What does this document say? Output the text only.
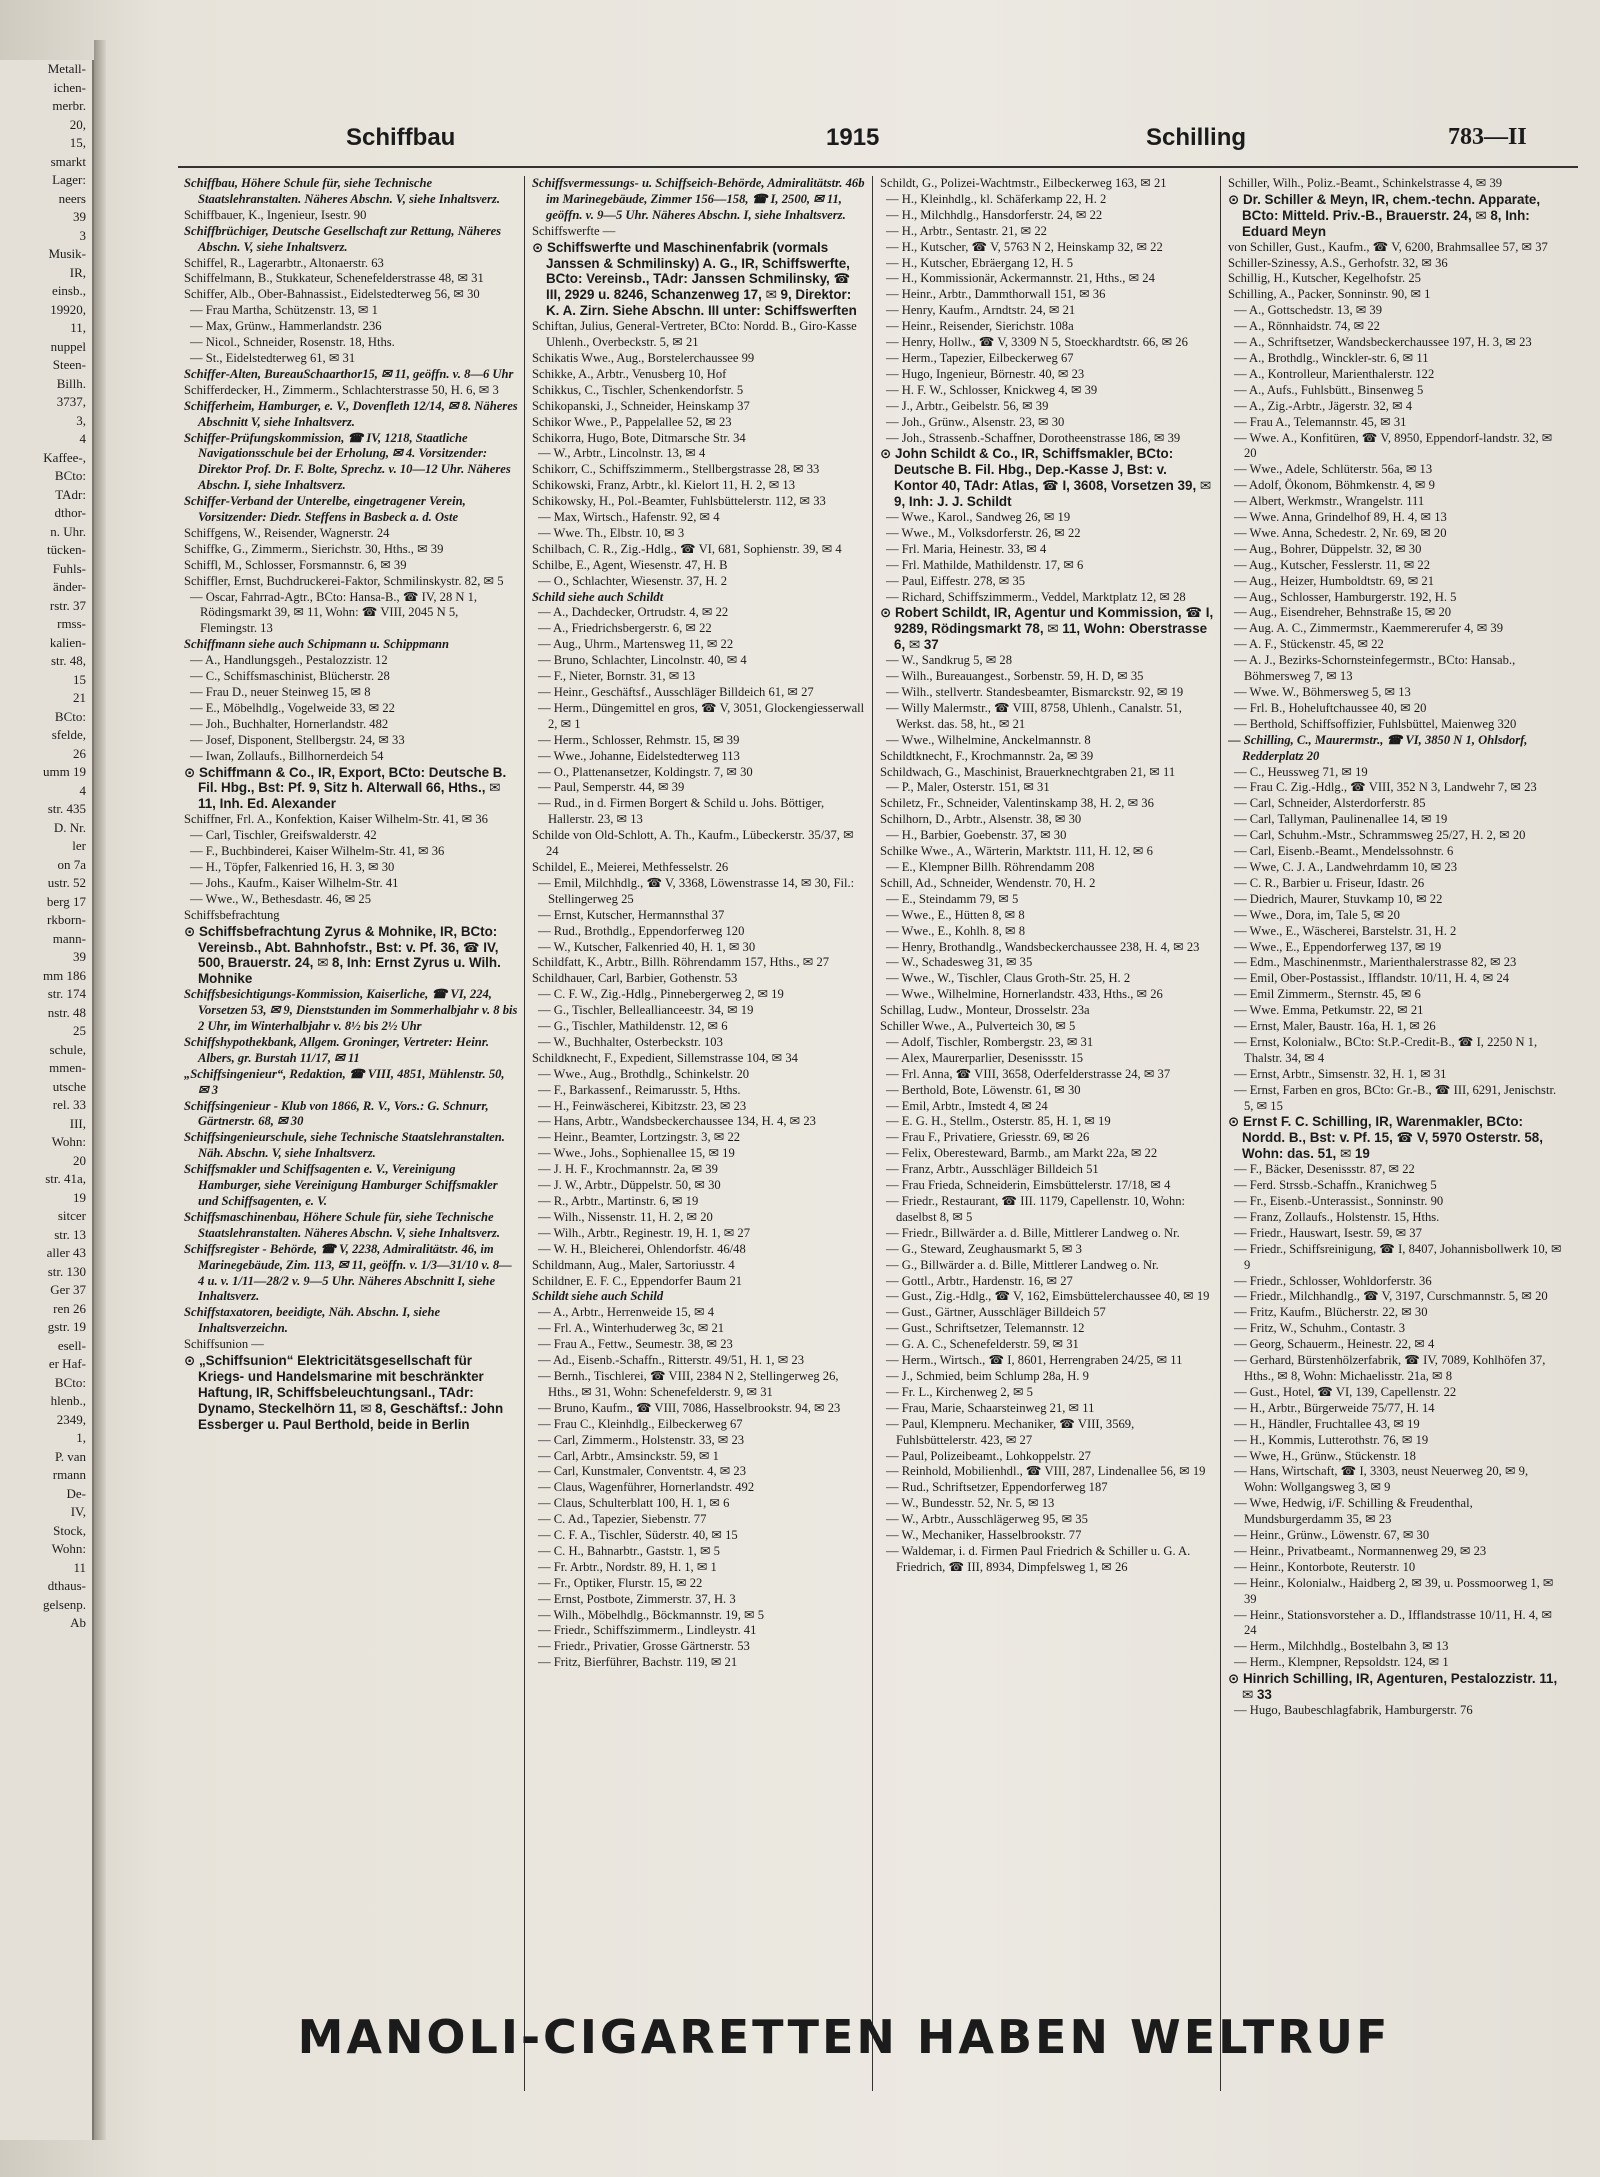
Metall-
ichen-
merbr.
20,
15,
smarkt
Lager:
neers
39
3
Musik-
IR,
einsb.,
19920,
11,
nuppel
Steen-
Billh.
3737,
3,
4
Kaffee-,
BCto:
TAdr:
dthor-
n. Uhr.
tücken-
Fuhls-
änder-
rstr. 37
rmss-
kalien-
str. 48,
15
21
BCto:
sfelde,
26
umm 19
4
str. 435
D. Nr.
ler
on 7a
ustr. 52
berg 17
rkborn-
mann-
39
mm 186
str. 174
nstr. 48
25
schule,
mmen-
utsche
rel. 33
III,
Wohn:
20
str. 41a,
19
sitcer
str. 13
aller 43
str. 130
Ger 37
ren 26
gstr. 19
esell-
er Haf-
BCto:
hlenb.,
2349,
1,
P. van
rmann
De-
IV,
Stock,
Wohn:
11
dthaus-
gelsenp.
Ab
Schiffbau	1915	Schilling	783—II

Schiffbau, Höhere Schule für, siehe Technische Staatslehranstalten. Näheres Abschn. V, siehe Inhaltsverz.

Schiffbauer, K., Ingenieur, Isestr. 90

Schiffbrüchiger, Deutsche Gesellschaft zur Rettung, Näheres Abschn. V, siehe Inhaltsverz.

Schiffel, R., Lagerarbtr., Altonaerstr. 63

Schiffelmann, B., Stukkateur, Schenefelderstrasse 48, ✉ 31

Schiffer, Alb., Ober-Bahnassist., Eidelstedterweg 56, ✉ 30

— Frau Martha, Schützenstr. 13, ✉ 1

— Max, Grünw., Hammerlandstr. 236

— Nicol., Schneider, Rosenstr. 18, Hths.

— St., Eidelstedterweg 61, ✉ 31

Schiffer-Alten, BureauSchaarthor15, ✉ 11, geöffn. v. 8—6 Uhr

Schifferdecker, H., Zimmerm., Schlachterstrasse 50, H. 6, ✉ 3

Schifferheim, Hamburger, e. V., Dovenfleth 12/14, ✉ 8. Näheres Abschnitt V, siehe Inhaltsverz.

Schiffer-Prüfungskommission, ☎ IV, 1218, Staatliche Navigationsschule bei der Erholung, ✉ 4. Vorsitzender: Direktor Prof. Dr. F. Bolte, Sprechz. v. 10—12 Uhr. Näheres Abschn. I, siehe Inhaltsverz.

Schiffer-Verband der Unterelbe, eingetragener Verein, Vorsitzender: Diedr. Steffens in Basbeck a. d. Oste

Schiffgens, W., Reisender, Wagnerstr. 24

Schiffke, G., Zimmerm., Sierichstr. 30, Hths., ✉ 39

Schiffl, M., Schlosser, Forsmannstr. 6, ✉ 39

Schiffler, Ernst, Buchdruckerei-Faktor, Schmilinskystr. 82, ✉ 5

— Oscar, Fahrrad-Agtr., BCto: Hansa-B., ☎ IV, 28 N 1, Rödingsmarkt 39, ✉ 11, Wohn: ☎ VIII, 2045 N 5, Flemingstr. 13

Schiffmann siehe auch Schipmann u. Schippmann

— A., Handlungsgeh., Pestalozzistr. 12

— C., Schiffsmaschinist, Blücherstr. 28

— Frau D., neuer Steinweg 15, ✉ 8

— E., Möbelhdlg., Vogelweide 33, ✉ 22

— Joh., Buchhalter, Hornerlandstr. 482

— Josef, Disponent, Stellbergstr. 24, ✉ 33

— Iwan, Zollaufs., Billhornerdeich 54

⊙ Schiffmann & Co., IR, Export, BCto: Deutsche B. Fil. Hbg., Bst: Pf. 9, Sitz h. Alterwall 66, Hths., ✉ 11, Inh. Ed. Alexander

Schiffner, Frl. A., Konfektion, Kaiser Wilhelm-Str. 41, ✉ 36

— Carl, Tischler, Greifswalderstr. 42

— F., Buchbinderei, Kaiser Wilhelm-Str. 41, ✉ 36

— H., Töpfer, Falkenried 16, H. 3, ✉ 30

— Johs., Kaufm., Kaiser Wilhelm-Str. 41

— Wwe., W., Bethesdastr. 46, ✉ 25

Schiffsbefrachtung

⊙ Schiffsbefrachtung Zyrus & Mohnike, IR, BCto: Vereinsb., Abt. Bahnhofstr., Bst: v. Pf. 36, ☎ IV, 500, Brauerstr. 24, ✉ 8, Inh: Ernst Zyrus u. Wilh. Mohnike

Schiffsbesichtigungs-Kommission, Kaiserliche, ☎ VI, 224, Vorsetzen 53, ✉ 9, Dienststunden im Sommerhalbjahr v. 8 bis 2 Uhr, im Winterhalbjahr v. 8½ bis 2½ Uhr

Schiffshypothekbank, Allgem. Groninger, Vertreter: Heinr. Albers, gr. Burstah 11/17, ✉ 11

„Schiffsingenieur“, Redaktion, ☎ VIII, 4851, Mühlenstr. 50, ✉ 3

Schiffsingenieur - Klub von 1866, R. V., Vors.: G. Schnurr, Gärtnerstr. 68, ✉ 30

Schiffsingenieurschule, siehe Technische Staatslehranstalten. Näh. Abschn. V, siehe Inhaltsverz.

Schiffsmakler und Schiffsagenten e. V., Vereinigung Hamburger, siehe Vereinigung Hamburger Schiffsmakler und Schiffsagenten, e. V.

Schiffsmaschinenbau, Höhere Schule für, siehe Technische Staatslehranstalten. Näheres Abschn. V, siehe Inhaltsverz.

Schiffsregister - Behörde, ☎ V, 2238, Admiralitätstr. 46, im Marinegebäude, Zim. 113, ✉ 11, geöffn. v. 1/3—31/10 v. 8—4 u. v. 1/11—28/2 v. 9—5 Uhr. Näheres Abschnitt I, siehe Inhaltsverz.

Schiffstaxatoren, beeidigte, Näh. Abschn. I, siehe Inhaltsverzeichn.

Schiffsunion —

⊙ „Schiffsunion“ Elektricitätsgesellschaft für Kriegs- und Handelsmarine mit beschränkter Haftung, IR, Schiffsbeleuchtungsanl., TAdr: Dynamo, Steckelhörn 11, ✉ 8, Geschäftsf.: John Essberger u. Paul Berthold, beide in Berlin

Schiffsvermessungs- u. Schiffseich-Behörde, Admiralitätstr. 46b im Marinegebäude, Zimmer 156—158, ☎ I, 2500, ✉ 11, geöffn. v. 9—5 Uhr. Näheres Abschn. I, siehe Inhaltsverz.

Schiffswerfte —

⊙ Schiffswerfte und Maschinenfabrik (vormals Janssen & Schmilinsky) A. G., IR, Schiffswerfte, BCto: Vereinsb., TAdr: Janssen Schmilinsky, ☎ III, 2929 u. 8246, Schanzenweg 17, ✉ 9, Direktor: K. A. Zirn. Siehe Abschn. III unter: Schiffswerften

Schiftan, Julius, General-Vertreter, BCto: Nordd. B., Giro-Kasse Uhlenh., Overbeckstr. 5, ✉ 21

Schikatis Wwe., Aug., Borstelerchaussee 99

Schikke, A., Arbtr., Venusberg 10, Hof

Schikkus, C., Tischler, Schenkendorfstr. 5

Schikopanski, J., Schneider, Heinskamp 37

Schikor Wwe., P., Pappelallee 52, ✉ 23

Schikorra, Hugo, Bote, Ditmarsche Str. 34

— W., Arbtr., Lincolnstr. 13, ✉ 4

Schikorr, C., Schiffszimmerm., Stellbergstrasse 28, ✉ 33

Schikowski, Franz, Arbtr., kl. Kielort 11, H. 2, ✉ 13

Schikowsky, H., Pol.-Beamter, Fuhlsbüttelerstr. 112, ✉ 33

— Max, Wirtsch., Hafenstr. 92, ✉ 4

— Wwe. Th., Elbstr. 10, ✉ 3

Schilbach, C. R., Zig.-Hdlg., ☎ VI, 681, Sophienstr. 39, ✉ 4

Schilbe, E., Agent, Wiesenstr. 47, H. B

— O., Schlachter, Wiesenstr. 37, H. 2

Schild siehe auch Schildt

— A., Dachdecker, Ortrudstr. 4, ✉ 22

— A., Friedrichsbergerstr. 6, ✉ 22

— Aug., Uhrm., Martensweg 11, ✉ 22

— Bruno, Schlachter, Lincolnstr. 40, ✉ 4

— F., Nieter, Bornstr. 31, ✉ 13

— Heinr., Geschäftsf., Ausschläger Billdeich 61, ✉ 27

— Herm., Düngemittel en gros, ☎ V, 3051, Glockengiesserwall 2, ✉ 1

— Herm., Schlosser, Rehmstr. 15, ✉ 39

— Wwe., Johanne, Eidelstedterweg 113

— O., Plattenansetzer, Koldingstr. 7, ✉ 30

— Paul, Semperstr. 44, ✉ 39

— Rud., in d. Firmen Borgert & Schild u. Johs. Böttiger, Hallerstr. 23, ✉ 13

Schilde von Old-Schlott, A. Th., Kaufm., Lübeckerstr. 35/37, ✉ 24

Schildel, E., Meierei, Methfesselstr. 26

— Emil, Milchhdlg., ☎ V, 3368, Löwenstrasse 14, ✉ 30, Fil.: Stellingerweg 25

— Ernst, Kutscher, Hermannsthal 37

— Rud., Brothdlg., Eppendorferweg 120

— W., Kutscher, Falkenried 40, H. 1, ✉ 30

Schildfatt, K., Arbtr., Billh. Röhrendamm 157, Hths., ✉ 27

Schildhauer, Carl, Barbier, Gothenstr. 53

— C. F. W., Zig.-Hdlg., Pinnebergerweg 2, ✉ 19

— G., Tischler, Belleallianceestr. 34, ✉ 19

— G., Tischler, Mathildenstr. 12, ✉ 6

— W., Buchhalter, Osterbeckstr. 103

Schildknecht, F., Expedient, Sillemstrasse 104, ✉ 34

— Wwe., Aug., Brothdlg., Schinkelstr. 20

— F., Barkassenf., Reimarusstr. 5, Hths.

— H., Feinwäscherei, Kibitzstr. 23, ✉ 23

— Hans, Arbtr., Wandsbeckerchaussee 134, H. 4, ✉ 23

— Heinr., Beamter, Lortzingstr. 3, ✉ 22

— Wwe., Johs., Sophienallee 15, ✉ 19

— J. H. F., Krochmannstr. 2a, ✉ 39

— J. W., Arbtr., Düppelstr. 50, ✉ 30

— R., Arbtr., Martinstr. 6, ✉ 19

— Wilh., Nissenstr. 11, H. 2, ✉ 20

— Wilh., Arbtr., Reginestr. 19, H. 1, ✉ 27

— W. H., Bleicherei, Ohlendorfstr. 46/48

Schildmann, Aug., Maler, Sartoriusstr. 4

Schildner, E. F. C., Eppendorfer Baum 21

Schildt siehe auch Schild

— A., Arbtr., Herrenweide 15, ✉ 4

— Frl. A., Winterhuderweg 3c, ✉ 21

— Frau A., Fettw., Seumestr. 38, ✉ 23

— Ad., Eisenb.-Schaffn., Ritterstr. 49/51, H. 1, ✉ 23

— Bernh., Tischlerei, ☎ VIII, 2384 N 2, Stellingerweg 26, Hths., ✉ 31, Wohn: Schenefelderstr. 9, ✉ 31

— Bruno, Kaufm., ☎ VIII, 7086, Hasselbrookstr. 94, ✉ 23

— Frau C., Kleinhdlg., Eilbeckerweg 67

— Carl, Zimmerm., Holstenstr. 33, ✉ 23

— Carl, Arbtr., Amsinckstr. 59, ✉ 1

— Carl, Kunstmaler, Conventstr. 4, ✉ 23

— Claus, Wagenführer, Hornerlandstr. 492

— Claus, Schulterblatt 100, H. 1, ✉ 6

— C. Ad., Tapezier, Siebenstr. 77

— C. F. A., Tischler, Süderstr. 40, ✉ 15

— C. H., Bahnarbtr., Gaststr. 1, ✉ 5

— Fr. Arbtr., Nordstr. 89, H. 1, ✉ 1

— Fr., Optiker, Flurstr. 15, ✉ 22

— Ernst, Postbote, Zimmerstr. 37, H. 3

— Wilh., Möbelhdlg., Böckmannstr. 19, ✉ 5

— Friedr., Schiffszimmerm., Lindleystr. 41

— Friedr., Privatier, Grosse Gärtnerstr. 53

— Fritz, Bierführer, Bachstr. 119, ✉ 21

Schildt, G., Polizei-Wachtmstr., Eilbeckerweg 163, ✉ 21

— H., Kleinhdlg., kl. Schäferkamp 22, H. 2

— H., Milchhdlg., Hansdorferstr. 24, ✉ 22

— H., Arbtr., Sentastr. 21, ✉ 22

— H., Kutscher, ☎ V, 5763 N 2, Heinskamp 32, ✉ 22

— H., Kutscher, Ebräergang 12, H. 5

— H., Kommissionär, Ackermannstr. 21, Hths., ✉ 24

— Heinr., Arbtr., Dammthorwall 151, ✉ 36

— Henry, Kaufm., Arndtstr. 24, ✉ 21

— Heinr., Reisender, Sierichstr. 108a

— Henry, Hollw., ☎ V, 3309 N 5, Stoeckhardtstr. 66, ✉ 26

— Herm., Tapezier, Eilbeckerweg 67

— Hugo, Ingenieur, Börnestr. 40, ✉ 23

— H. F. W., Schlosser, Knickweg 4, ✉ 39

— J., Arbtr., Geibelstr. 56, ✉ 39

— Joh., Grünw., Alsenstr. 23, ✉ 30

— Joh., Strassenb.-Schaffner, Dorotheenstrasse 186, ✉ 39

⊙ John Schildt & Co., IR, Schiffsmakler, BCto: Deutsche B. Fil. Hbg., Dep.-Kasse J, Bst: v. Kontor 40, TAdr: Atlas, ☎ I, 3608, Vorsetzen 39, ✉ 9, Inh: J. J. Schildt

— Wwe., Karol., Sandweg 26, ✉ 19

— Wwe., M., Volksdorferstr. 26, ✉ 22

— Frl. Maria, Heinestr. 33, ✉ 4

— Frl. Mathilde, Mathildenstr. 17, ✉ 6

— Paul, Eiffestr. 278, ✉ 35

— Richard, Schiffszimmerm., Veddel, Marktplatz 12, ✉ 28

⊙ Robert Schildt, IR, Agentur und Kommission, ☎ I, 9289, Rödingsmarkt 78, ✉ 11, Wohn: Oberstrasse 6, ✉ 37

— W., Sandkrug 5, ✉ 28

— Wilh., Bureauangest., Sorbenstr. 59, H. D, ✉ 35

— Wilh., stellvertr. Standesbeamter, Bismarckstr. 92, ✉ 19

— Willy Malermstr., ☎ VIII, 8758, Uhlenh., Canalstr. 51, Werkst. das. 58, ht., ✉ 21

— Wwe., Wilhelmine, Anckelmannstr. 8

Schildtknecht, F., Krochmannstr. 2a, ✉ 39

Schildwach, G., Maschinist, Brauerknechtgraben 21, ✉ 11

— P., Maler, Osterstr. 151, ✉ 31

Schiletz, Fr., Schneider, Valentinskamp 38, H. 2, ✉ 36

Schilhorn, D., Arbtr., Alsenstr. 38, ✉ 30

— H., Barbier, Goebenstr. 37, ✉ 30

Schilke Wwe., A., Wärterin, Marktstr. 111, H. 12, ✉ 6

— E., Klempner Billh. Röhrendamm 208

Schill, Ad., Schneider, Wendenstr. 70, H. 2

— E., Steindamm 79, ✉ 5

— Wwe., E., Hütten 8, ✉ 8

— Wwe., E., Kohlh. 8, ✉ 8

— Henry, Brothandlg., Wandsbeckerchaussee 238, H. 4, ✉ 23

— W., Schadesweg 31, ✉ 35

— Wwe., W., Tischler, Claus Groth-Str. 25, H. 2

— Wwe., Wilhelmine, Hornerlandstr. 433, Hths., ✉ 26

Schillag, Ludw., Monteur, Drosselstr. 23a

Schiller Wwe., A., Pulverteich 30, ✉ 5

— Adolf, Tischler, Rombergstr. 23, ✉ 31

— Alex, Maurerparlier, Desenissstr. 15

— Frl. Anna, ☎ VIII, 3658, Oderfelderstrasse 24, ✉ 37

— Berthold, Bote, Löwenstr. 61, ✉ 30

— Emil, Arbtr., Imstedt 4, ✉ 24

— E. G. H., Stellm., Osterstr. 85, H. 1, ✉ 19

— Frau F., Privatiere, Griesstr. 69, ✉ 26

— Felix, Oberesteward, Barmb., am Markt 22a, ✉ 22

— Franz, Arbtr., Ausschläger Billdeich 51

— Frau Frieda, Schneiderin, Eimsbüttelerstr. 17/18, ✉ 4

— Friedr., Restaurant, ☎ III. 1179, Capellenstr. 10, Wohn: daselbst 8, ✉ 5

— Friedr., Billwärder a. d. Bille, Mittlerer Landweg o. Nr.

— G., Steward, Zeughausmarkt 5, ✉ 3

— G., Billwärder a. d. Bille, Mittlerer Landweg o. Nr.

— Gottl., Arbtr., Hardenstr. 16, ✉ 27

— Gust., Zig.-Hdlg., ☎ V, 162, Eimsbüttelerchaussee 40, ✉ 19

— Gust., Gärtner, Ausschläger Billdeich 57

— Gust., Schriftsetzer, Telemannstr. 12

— G. A. C., Schenefelderstr. 59, ✉ 31

— Herm., Wirtsch., ☎ I, 8601, Herrengraben 24/25, ✉ 11

— J., Schmied, beim Schlump 28a, H. 9

— Fr. L., Kirchenweg 2, ✉ 5

— Frau, Marie, Schaarsteinweg 21, ✉ 11

— Paul, Klempneru. Mechaniker, ☎ VIII, 3569, Fuhlsbüttelerstr. 423, ✉ 27

— Paul, Polizeibeamt., Lohkoppelstr. 27

— Reinhold, Mobilienhdl., ☎ VIII, 287, Lindenallee 56, ✉ 19

— Rud., Schriftsetzer, Eppendorferweg 187

— W., Bundesstr. 52, Nr. 5, ✉ 13

— W., Arbtr., Ausschlägerweg 95, ✉ 35

— W., Mechaniker, Hasselbrookstr. 77

— Waldemar, i. d. Firmen Paul Friedrich & Schiller u. G. A. Friedrich, ☎ III, 8934, Dimpfelsweg 1, ✉ 26

Schiller, Wilh., Poliz.-Beamt., Schinkelstrasse 4, ✉ 39

⊙ Dr. Schiller & Meyn, IR, chem.-techn. Apparate, BCto: Mitteld. Priv.-B., Brauerstr. 24, ✉ 8, Inh: Eduard Meyn

von Schiller, Gust., Kaufm., ☎ V, 6200, Brahmsallee 57, ✉ 37

Schiller-Szinessy, A.S., Gerhofstr. 32, ✉ 36

Schillig, H., Kutscher, Kegelhofstr. 25

Schilling, A., Packer, Sonninstr. 90, ✉ 1

— A., Gottschedstr. 13, ✉ 39

— A., Rönnhaidstr. 74, ✉ 22

— A., Schriftsetzer, Wandsbeckerchaussee 197, H. 3, ✉ 23

— A., Brothdlg., Winckler-str. 6, ✉ 11

— A., Kontrolleur, Marienthalerstr. 122

— A., Aufs., Fuhlsbütt., Binsenweg 5

— A., Zig.-Arbtr., Jägerstr. 32, ✉ 4

— Frau A., Telemannstr. 45, ✉ 31

— Wwe. A., Konfitüren, ☎ V, 8950, Eppendorf-landstr. 32, ✉ 20

— Wwe., Adele, Schlüterstr. 56a, ✉ 13

— Adolf, Ökonom, Böhmkenstr. 4, ✉ 9

— Albert, Werkmstr., Wrangelstr. 111

— Wwe. Anna, Grindelhof 89, H. 4, ✉ 13

— Wwe. Anna, Schedestr. 2, Nr. 69, ✉ 20

— Aug., Bohrer, Düppelstr. 32, ✉ 30

— Aug., Kutscher, Fesslerstr. 11, ✉ 22

— Aug., Heizer, Humboldtstr. 69, ✉ 21

— Aug., Schlosser, Hamburgerstr. 192, H. 5

— Aug., Eisendreher, Behnstraße 15, ✉ 20

— Aug. A. C., Zimmermstr., Kaemmererufer 4, ✉ 39

— A. F., Stückenstr. 45, ✉ 22

— A. J., Bezirks-Schornsteinfegermstr., BCto: Hansab., Böhmersweg 7, ✉ 13

— Wwe. W., Böhmersweg 5, ✉ 13

— Frl. B., Hoheluftchaussee 40, ✉ 20

— Berthold, Schiffsoffizier, Fuhlsbüttel, Maienweg 320

— Schilling, C., Maurermstr., ☎ VI, 3850 N 1, Ohlsdorf, Redderplatz 20

— C., Heussweg 71, ✉ 19

— Frau C. Zig.-Hdlg., ☎ VIII, 352 N 3, Landwehr 7, ✉ 23

— Carl, Schneider, Alsterdorferstr. 85

— Carl, Tallyman, Paulinenallee 14, ✉ 19

— Carl, Schuhm.-Mstr., Schrammsweg 25/27, H. 2, ✉ 20

— Carl, Eisenb.-Beamt., Mendelssohnstr. 6

— Wwe, C. J. A., Landwehrdamm 10, ✉ 23

— C. R., Barbier u. Friseur, Idastr. 26

— Diedrich, Maurer, Stuvkamp 10, ✉ 22

— Wwe., Dora, im, Tale 5, ✉ 20

— Wwe., E., Wäscherei, Barstelstr. 31, H. 2

— Wwe., E., Eppendorferweg 137, ✉ 19

— Edm., Maschinenmstr., Marienthalerstrasse 82, ✉ 23

— Emil, Ober-Postassist., Ifflandstr. 10/11, H. 4, ✉ 24

— Emil Zimmerm., Sternstr. 45, ✉ 6

— Wwe. Emma, Petkumstr. 22, ✉ 21

— Ernst, Maler, Baustr. 16a, H. 1, ✉ 26

— Ernst, Kolonialw., BCto: St.P.-Credit-B., ☎ I, 2250 N 1, Thalstr. 34, ✉ 4

— Ernst, Arbtr., Simsenstr. 32, H. 1, ✉ 31

— Ernst, Farben en gros, BCto: Gr.-B., ☎ III, 6291, Jenischstr. 5, ✉ 15

⊙ Ernst F. C. Schilling, IR, Warenmakler, BCto: Nordd. B., Bst: v. Pf. 15, ☎ V, 5970 Osterstr. 58, Wohn: das. 51, ✉ 19

— F., Bäcker, Desenissstr. 87, ✉ 22

— Ferd. Strssb.-Schaffn., Kranichweg 5

— Fr., Eisenb.-Unterassist., Sonninstr. 90

— Franz, Zollaufs., Holstenstr. 15, Hths.

— Friedr., Hauswart, Isestr. 59, ✉ 37

— Friedr., Schiffsreinigung, ☎ I, 8407, Johannisbollwerk 10, ✉ 9

— Friedr., Schlosser, Wohldorferstr. 36

— Friedr., Milchhandlg., ☎ V, 3197, Curschmannstr. 5, ✉ 20

— Fritz, Kaufm., Blücherstr. 22, ✉ 30

— Fritz, W., Schuhm., Contastr. 3

— Georg, Schauerm., Heinestr. 22, ✉ 4

— Gerhard, Bürstenhölzerfabrik, ☎ IV, 7089, Kohlhöfen 37, Hths., ✉ 8, Wohn: Michaelisstr. 21a, ✉ 8

— Gust., Hotel, ☎ VI, 139, Capellenstr. 22

— H., Arbtr., Bürgerweide 75/77, H. 14

— H., Händler, Fruchtallee 43, ✉ 19

— H., Kommis, Lutterothstr. 76, ✉ 19

— Wwe, H., Grünw., Stückenstr. 18

— Hans, Wirtschaft, ☎ I, 3303, neust Neuerweg 20, ✉ 9, Wohn: Wollgangsweg 3, ✉ 9

— Wwe, Hedwig, i/F. Schilling & Freudenthal, Mundsburgerdamm 35, ✉ 23

— Heinr., Grünw., Löwenstr. 67, ✉ 30

— Heinr., Privatbeamt., Normannenweg 29, ✉ 23

— Heinr., Kontorbote, Reuterstr. 10

— Heinr., Kolonialw., Haidberg 2, ✉ 39, u. Possmoorweg 1, ✉ 39

— Heinr., Stationsvorsteher a. D., Ifflandstrasse 10/11, H. 4, ✉ 24

— Herm., Milchhdlg., Bostelbahn 3, ✉ 13

— Herm., Klempner, Repsoldstr. 124, ✉ 1

⊙ Hinrich Schilling, IR, Agenturen, Pestalozzistr. 11, ✉ 33

— Hugo, Baubeschlagfabrik, Hamburgerstr. 76

MANOLI-CIGARETTEN HABEN WELTRUF
